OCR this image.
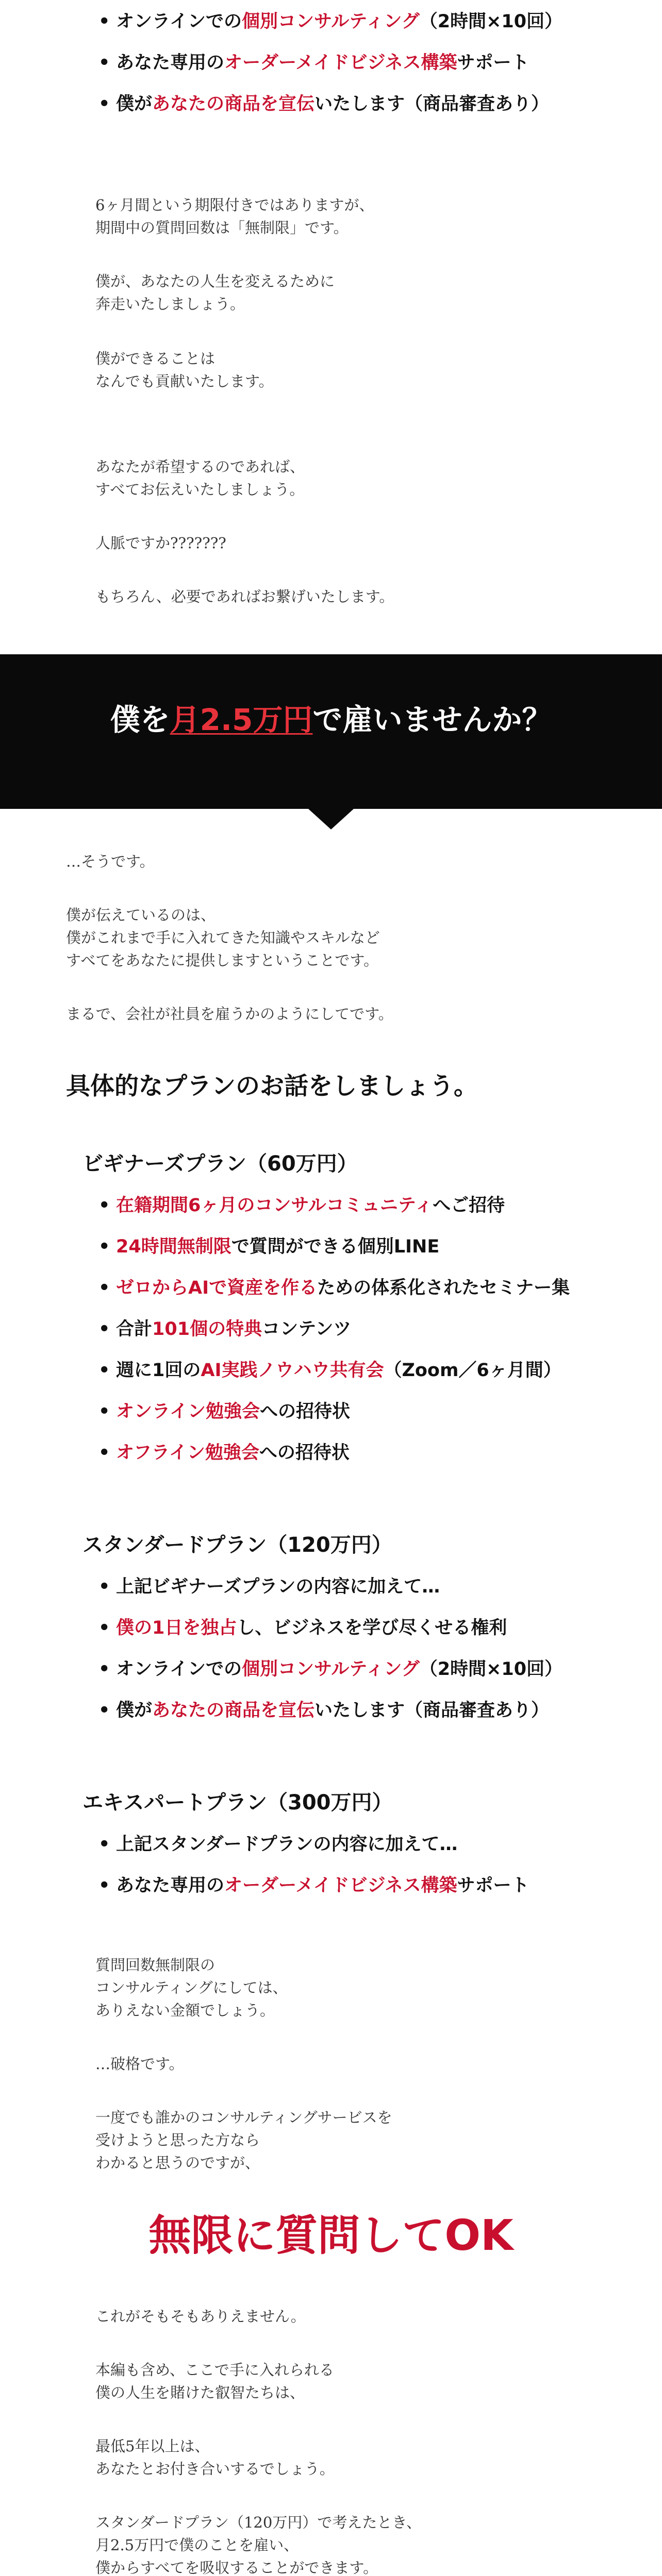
• オンラインでの個別コンサルティング（2時間×10回）
• あなた専用のオーダーメイドビジネス構築サポート
• 僕があなたの商品を宣伝いたします（商品審査あり）
6ヶ月間という期限付きではありますが、
期間中の質問回数は「無制限」です。
僕が、あなたの人生を変えるために
奔走いたしましょう。
僕ができることは
なんでも貢献いたします。
あなたが希望するのであれば、
すべてお伝えいたしましょう。
人脈ですか???????
もちろん、必要であればお繋げいたします。
僕を月2.5万円で雇いませんか？
…そうです。
僕が伝えているのは、
僕がこれまで手に入れてきた知識やスキルなど
すべてをあなたに提供しますということです。
まるで、会社が社員を雇うかのようにしてです。
具体的なプランのお話をしましょう。
ビギナーズプラン（60万円）
• 在籍期間6ヶ月のコンサルコミュニティへご招待
• 24時間無制限で質問ができる個別LINE
• ゼロからAIで資産を作るための体系化されたセミナー集
• 合計101個の特典コンテンツ
• 週に1回のAI実践ノウハウ共有会（Zoom／6ヶ月間）
• オンライン勉強会への招待状
• オフライン勉強会への招待状
スタンダードプラン（120万円）
• 上記ビギナーズプランの内容に加えて…
• 僕の1日を独占し、ビジネスを学び尽くせる権利
• オンラインでの個別コンサルティング（2時間×10回）
• 僕があなたの商品を宣伝いたします（商品審査あり）
エキスパートプラン（300万円）
• 上記スタンダードプランの内容に加えて…
• あなた専用のオーダーメイドビジネス構築サポート
質問回数無制限の
コンサルティングにしては、
ありえない金額でしょう。
…破格です。
一度でも誰かのコンサルティングサービスを
受けようと思った方なら
わかると思うのですが、
無限に質問してOK
これがそもそもありえません。
本編も含め、ここで手に入れられる
僕の人生を賭けた叡智たちは、
最低5年以上は、
あなたとお付き合いするでしょう。
スタンダードプラン（120万円）で考えたとき、
月2.5万円で僕のことを雇い、
僕からすべてを吸収することができます。
